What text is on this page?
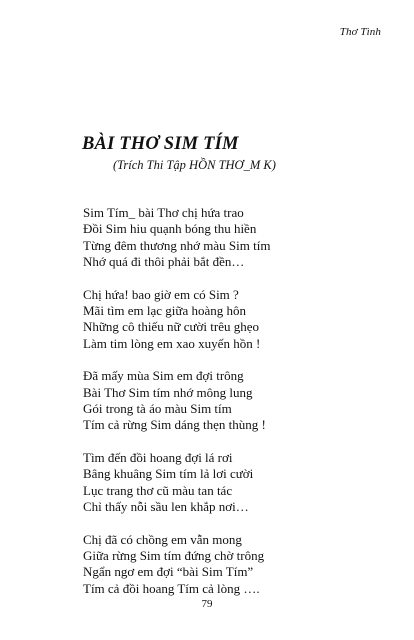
Thơ Tình
BÀI THƠ SIM TÍM
(Trích Thi Tập HỒN THƠ_M K)
Sim Tím_ bài Thơ chị hứa trao
Đồi Sim hiu quạnh bóng thu hiền
Từng đêm thương nhớ màu Sim tím
Nhớ quá đi thôi phải bắt đền…
Chị hứa! bao giờ em có Sim ?
Mãi tìm em lạc giữa hoàng hôn
Những cô thiếu nữ cười trêu ghẹo
Làm tim lòng em xao xuyến hồn !
Đã mấy mùa Sim em đợi trông
Bài Thơ Sim tím nhớ mông lung
Gói trong tà áo màu Sim tím
Tím cả rừng Sim dáng thẹn thùng !
Tìm đến đồi hoang đợi lá rơi
Bâng khuâng Sim tím lả lơi cười
Lục trang thơ cũ màu tan tác
Chỉ thấy nỗi sầu len khắp nơi…
Chị đã có chồng em vẫn mong
Giữa rừng Sim tím đứng chờ trông
Ngẩn ngơ em đợi “bài Sim Tím”
Tím cả đồi hoang Tím cả lòng ….
79
